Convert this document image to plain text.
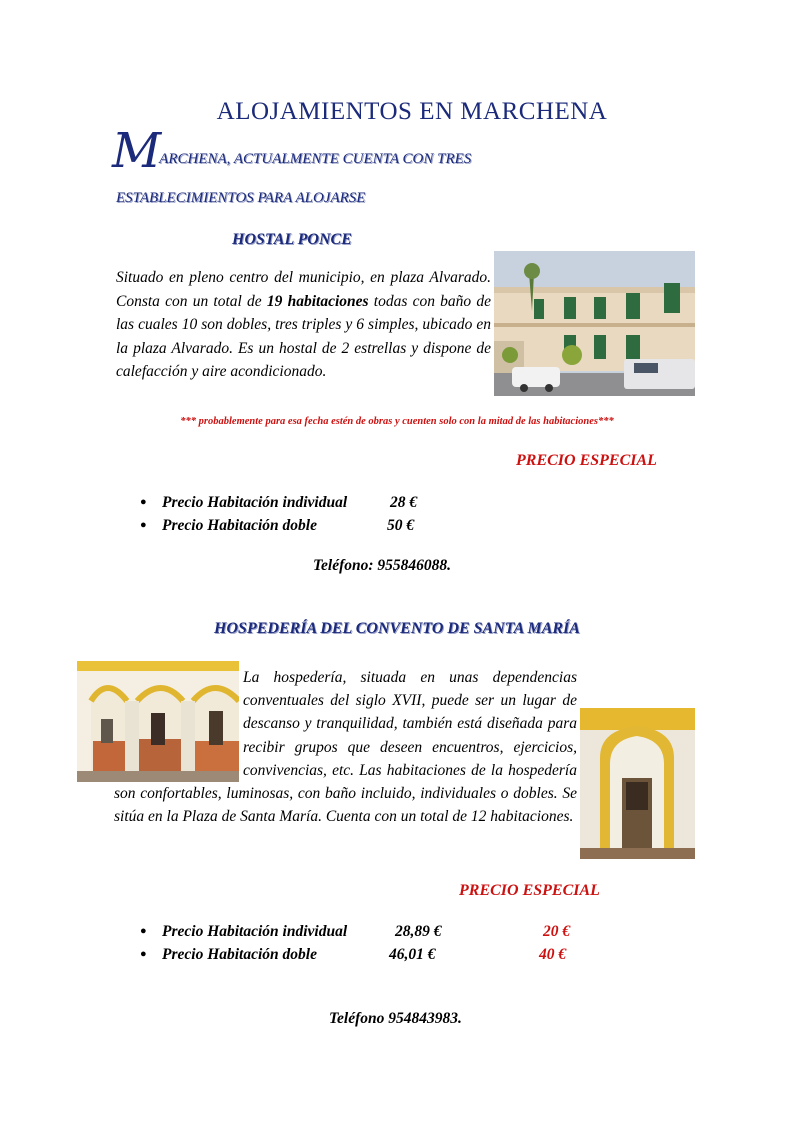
ALOJAMIENTOS EN MARCHENA
MARCHENA, ACTUALMENTE CUENTA CON TRES
ESTABLECIMIENTOS PARA ALOJARSE
HOSTAL PONCE
Situado en pleno centro del municipio, en plaza Alvarado. Consta con un total de 19 habitaciones todas con baño de las cuales 10 son dobles, tres triples y 6 simples, ubicado en la plaza Alvarado. Es un hostal de 2 estrellas y dispone de calefacción y aire acondicionado.
*** probablemente para esa fecha estén de obras y cuenten solo con la mitad de las habitaciones***
PRECIO ESPECIAL
● Precio Habitación individual	28 €
● Precio Habitación doble	50 €
Teléfono: 955846088.
HOSPEDERÍA DEL CONVENTO DE SANTA MARÍA
La hospedería, situada en unas dependencias conventuales del siglo XVII, puede ser un lugar de descanso y tranquilidad, también está diseñada para recibir grupos que deseen encuentros, ejercicios, convivencias, etc. Las habitaciones de la hospedería son confortables, luminosas, con baño incluido, individuales o dobles. Se sitúa en la Plaza de Santa María. Cuenta con un total de 12 habitaciones.
PRECIO ESPECIAL
● Precio Habitación individual	28,89 €	20 €
● Precio Habitación doble	46,01 €	40 €
Teléfono 954843983.
